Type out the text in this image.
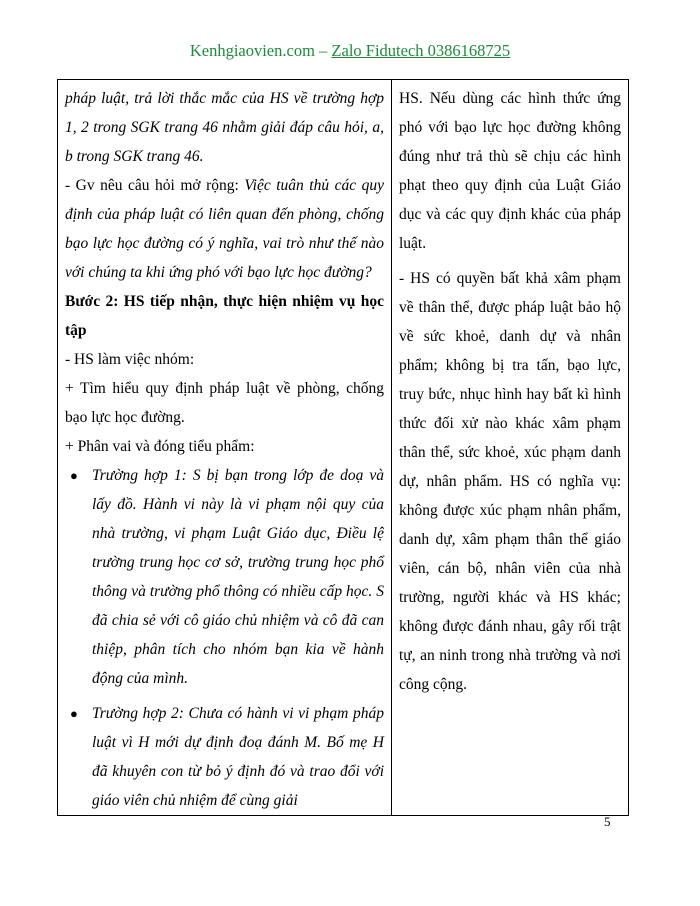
Kenhgiaovien.com – Zalo Fidutech 0386168725

pháp luật, trả lời thắc mắc của HS về trường hợp 1, 2 trong SGK trang 46 nhằm giải đáp câu hỏi, a, b trong SGK trang 46.

- Gv nêu câu hỏi mở rộng: Việc tuân thủ các quy định của pháp luật có liên quan đến phòng, chống bạo lực học đường có ý nghĩa, vai trò như thế nào với chúng ta khi ứng phó với bạo lực học đường?

Bước 2: HS tiếp nhận, thực hiện nhiệm vụ học tập

- HS làm việc nhóm:

+ Tìm hiểu quy định pháp luật về phòng, chống bạo lực học đường.

+ Phân vai và đóng tiểu phẩm:

● Trường hợp 1: S bị bạn trong lớp đe doạ và lấy đồ. Hành vi này là vi phạm nội quy của nhà trường, vi phạm Luật Giáo dục, Điều lệ trường trung học cơ sở, trường trung học phổ thông và trường phổ thông có nhiều cấp học. S đã chia sẻ với cô giáo chủ nhiệm và cô đã can thiệp, phân tích cho nhóm bạn kia về hành động của mình.
● Trường hợp 2: Chưa có hành vi vi phạm pháp luật vì H mới dự định đoạ đánh M. Bố mẹ H đã khuyên con từ bỏ ý định đó và trao đổi với giáo viên chủ nhiệm để cùng giải

HS. Nếu dùng các hình thức ứng phó với bạo lực học đường không đúng như trả thù sẽ chịu các hình phạt theo quy định của Luật Giáo dục và các quy định khác của pháp luật.

- HS có quyền bất khả xâm phạm về thân thể, được pháp luật bảo hộ về sức khoẻ, danh dự và nhân phẩm; không bị tra tấn, bạo lực, truy bức, nhục hình hay bất kì hình thức đối xử nào khác xâm phạm thân thể, sức khoẻ, xúc phạm danh dự, nhân phẩm. HS có nghĩa vụ: không được xúc phạm nhân phẩm, danh dự, xâm phạm thân thể giáo viên, cán bộ, nhân viên của nhà trường, người khác và HS khác; không được đánh nhau, gây rối trật tự, an ninh trong nhà trường và nơi công cộng.

5
